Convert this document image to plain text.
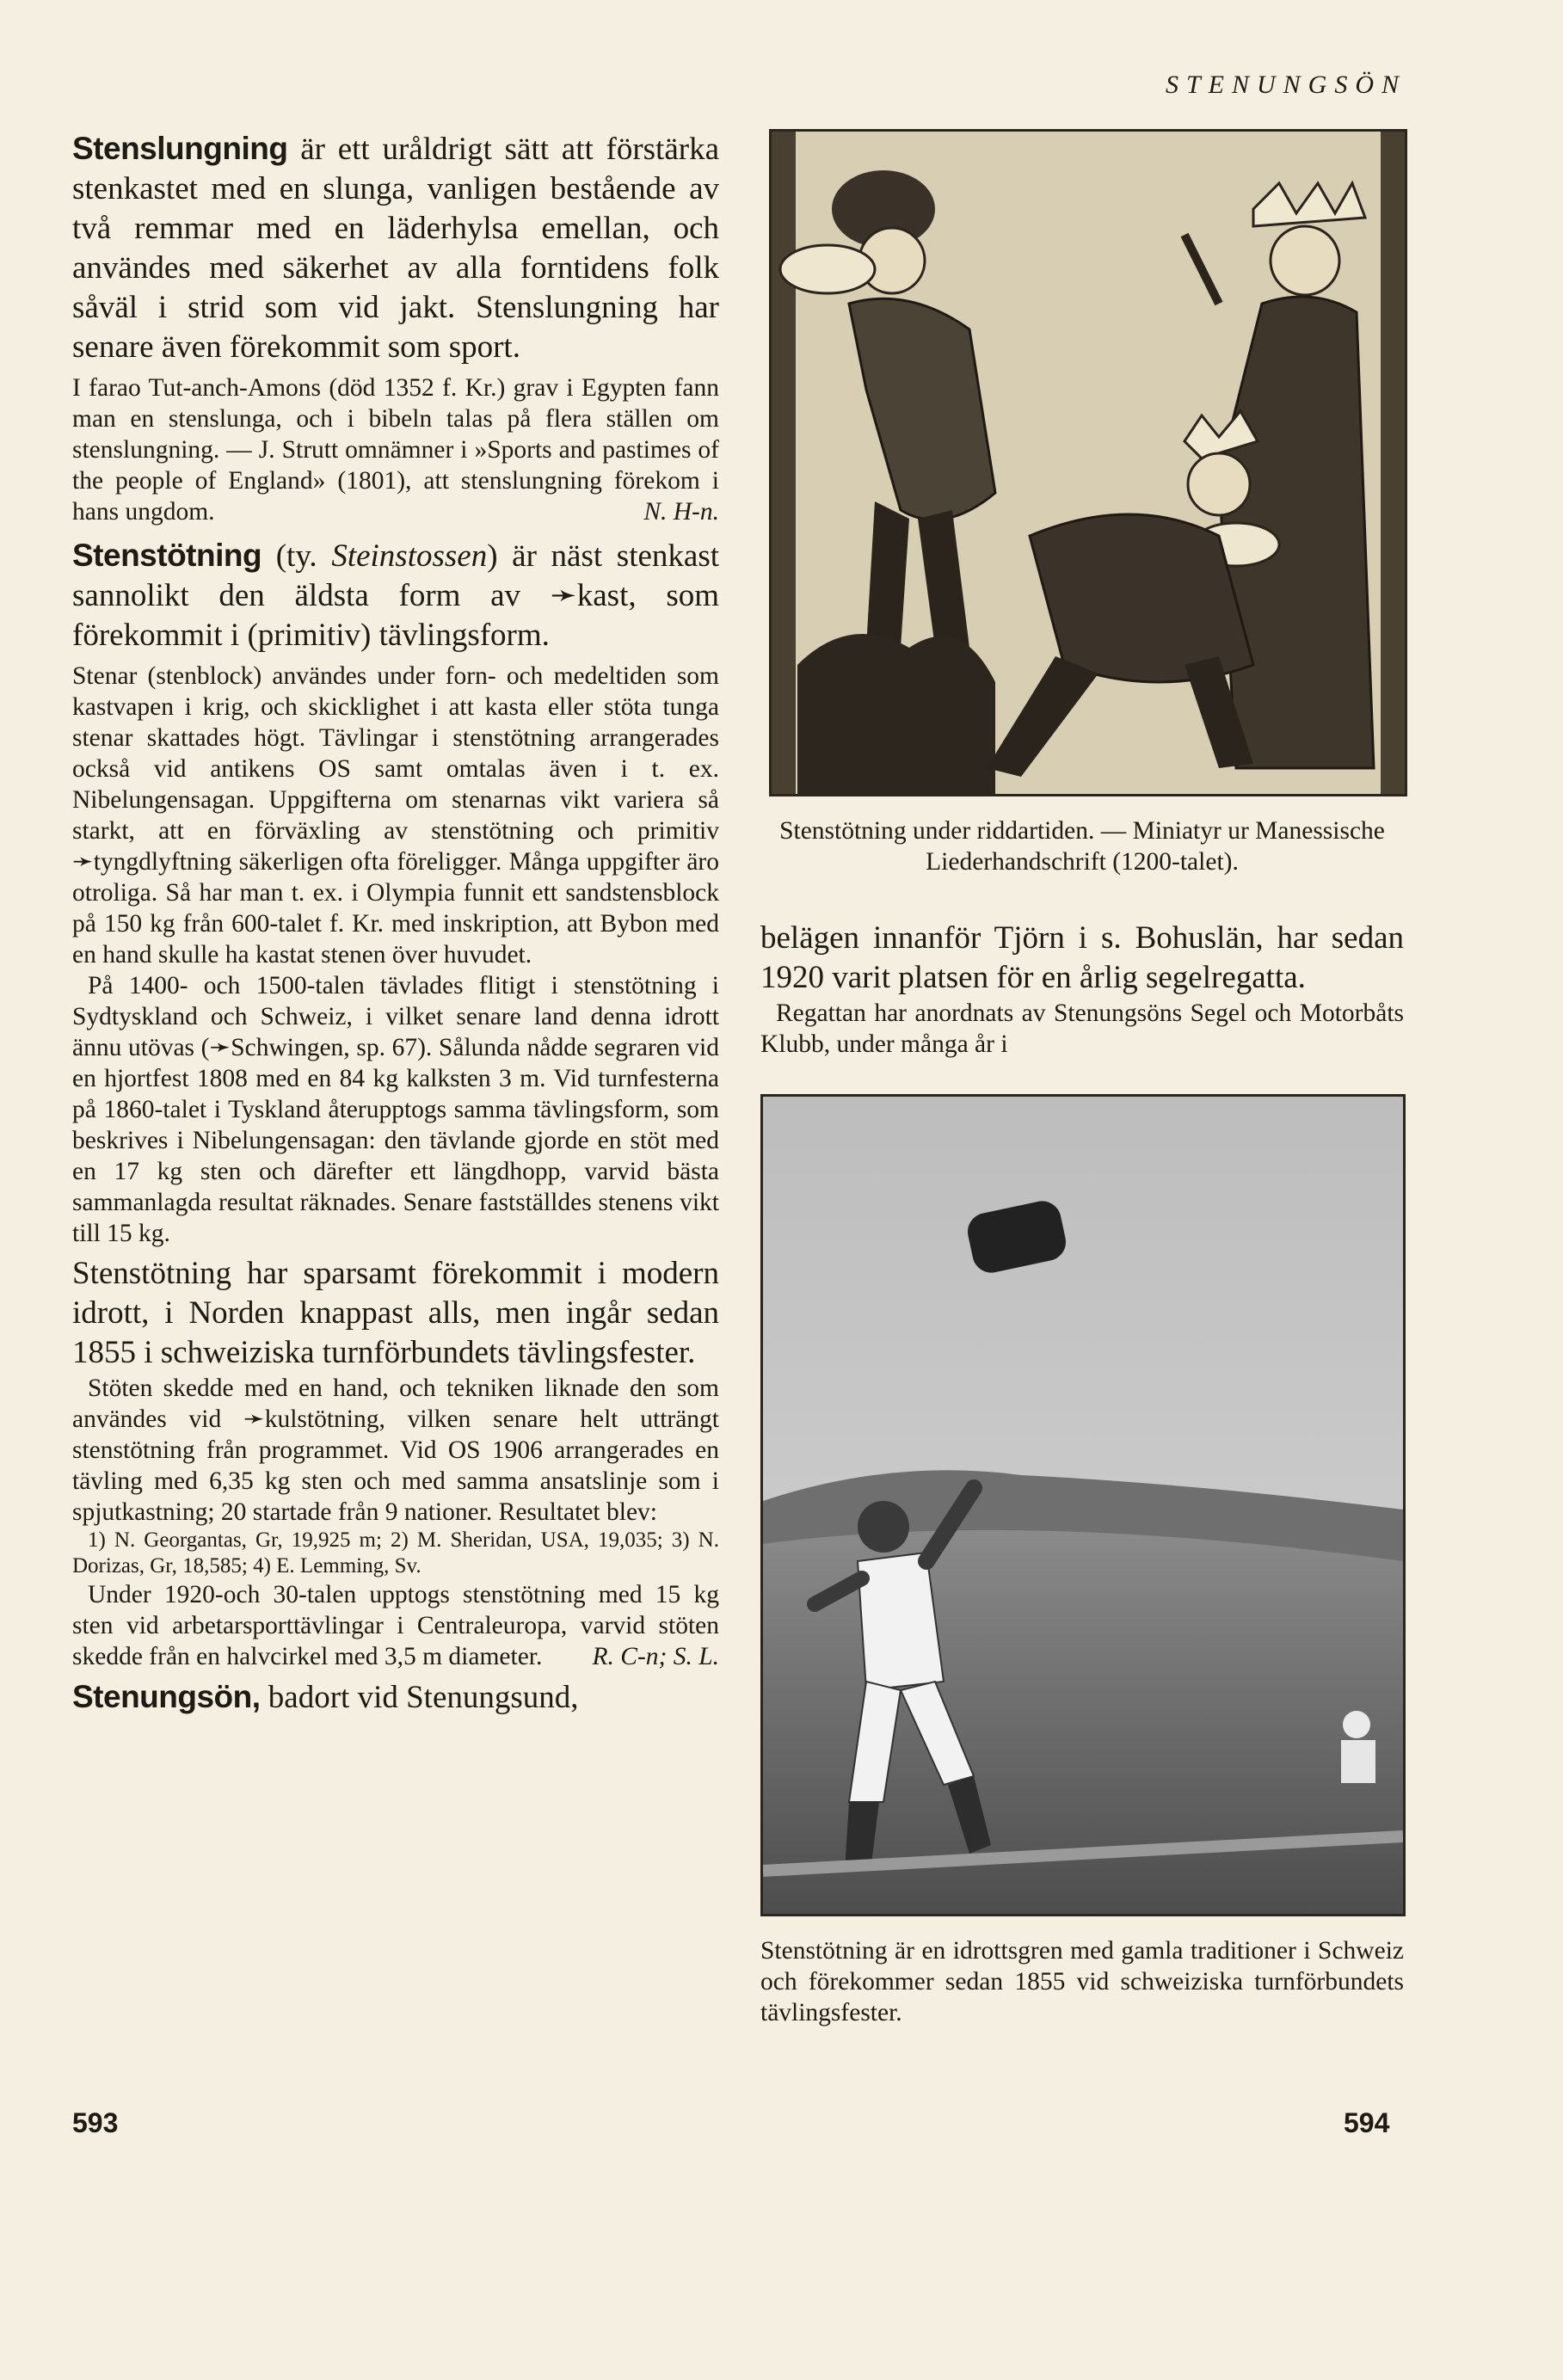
STENUNGSÖN

Stenslungning är ett uråldrigt sätt att förstärka stenkastet med en slunga, vanligen bestående av två remmar med en läderhylsa emellan, och användes med säkerhet av alla forntidens folk såväl i strid som vid jakt. Stenslungning har senare även förekommit som sport.

I farao Tut-anch-Amons (död 1352 f. Kr.) grav i Egypten fann man en stenslunga, och i bibeln talas på flera ställen om stenslungning. — J. Strutt omnämner i »Sports and pastimes of the people of England» (1801), att stenslungning förekom i hans ungdom.	N. H-n.

Stenstötning (ty. Steinstossen) är näst stenkast sannolikt den äldsta form av ➛kast, som förekommit i (primitiv) tävlingsform.

Stenar (stenblock) användes under forn- och medeltiden som kastvapen i krig, och skicklighet i att kasta eller stöta tunga stenar skattades högt. Tävlingar i stenstötning arrangerades också vid antikens OS samt omtalas även i t. ex. Nibelungensagan. Uppgifterna om stenarnas vikt variera så starkt, att en förväxling av stenstötning och primitiv ➛tyngdlyftning säkerligen ofta föreligger. Många uppgifter äro otroliga. Så har man t. ex. i Olympia funnit ett sandstensblock på 150 kg från 600-talet f. Kr. med inskription, att Bybon med en hand skulle ha kastat stenen över huvudet.

På 1400- och 1500-talen tävlades flitigt i stenstötning i Sydtyskland och Schweiz, i vilket senare land denna idrott ännu utövas (➛Schwingen, sp. 67). Sålunda nådde segraren vid en hjortfest 1808 med en 84 kg kalksten 3 m. Vid turnfesterna på 1860-talet i Tyskland återupptogs samma tävlingsform, som beskrives i Nibelungensagan: den tävlande gjorde en stöt med en 17 kg sten och därefter ett längdhopp, varvid bästa sammanlagda resultat räknades. Senare fastställdes stenens vikt till 15 kg.

Stenstötning har sparsamt förekommit i modern idrott, i Norden knappast alls, men ingår sedan 1855 i schweiziska turnförbundets tävlingsfester.

Stöten skedde med en hand, och tekniken liknade den som användes vid ➛kulstötning, vilken senare helt utträngt stenstötning från programmet. Vid OS 1906 arrangerades en tävling med 6,35 kg sten och med samma ansatslinje som i spjutkastning; 20 startade från 9 nationer. Resultatet blev:

1) N. Georgantas, Gr, 19,925 m; 2) M. Sheridan, USA, 19,035; 3) N. Dorizas, Gr, 18,585; 4) E. Lemming, Sv.

Under 1920-och 30-talen upptogs stenstötning med 15 kg sten vid arbetarsporttävlingar i Centraleuropa, varvid stöten skedde från en halvcirkel med 3,5 m diameter.	R. C-n; S. L.

Stenungsön, badort vid Stenungsund,

Stenstötning under riddartiden. — Miniatyr ur Manessische Liederhandschrift (1200-talet).

belägen innanför Tjörn i s. Bohuslän, har sedan 1920 varit platsen för en årlig segelregatta.

Regattan har anordnats av Stenungsöns Segel och Motorbåts Klubb, under många år i

Stenstötning är en idrottsgren med gamla traditioner i Schweiz och förekommer sedan 1855 vid schweiziska turnförbundets tävlingsfester.

593	594
